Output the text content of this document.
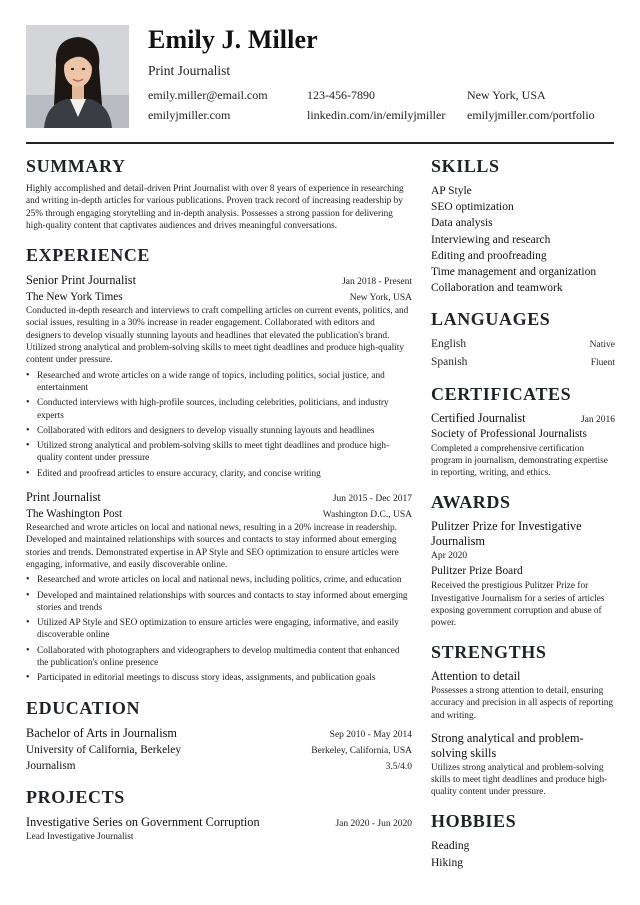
Emily J. Miller
Print Journalist
emily.miller@email.com	123-456-7890	New York, USA
emilyjmiller.com	linkedin.com/in/emilyjmiller emilyjmiller.com/portfolio
SUMMARY
Highly accomplished and detail-driven Print Journalist with over 8 years of experience in researching and writing in-depth articles for various publications. Proven track record of increasing readership by 25% through engaging storytelling and in-depth analysis. Possesses a strong passion for delivering high-quality content that captivates audiences and drives meaningful conversations.
EXPERIENCE
Senior Print Journalist	Jan 2018 - Present
The New York Times	New York, USA
Conducted in-depth research and interviews to craft compelling articles on current events, politics, and social issues, resulting in a 30% increase in reader engagement. Collaborated with editors and designers to develop visually stunning layouts and headlines that elevated the publication's brand. Utilized strong analytical and problem-solving skills to meet tight deadlines and produce high-quality content under pressure.
• Researched and wrote articles on a wide range of topics, including politics, social justice, and entertainment
• Conducted interviews with high-profile sources, including celebrities, politicians, and industry experts
• Collaborated with editors and designers to develop visually stunning layouts and headlines
• Utilized strong analytical and problem-solving skills to meet tight deadlines and produce high-quality content under pressure
• Edited and proofread articles to ensure accuracy, clarity, and concise writing
Print Journalist	Jun 2015 - Dec 2017
The Washington Post	Washington D.C., USA
Researched and wrote articles on local and national news, resulting in a 20% increase in readership. Developed and maintained relationships with sources and contacts to stay informed about emerging stories and trends. Demonstrated expertise in AP Style and SEO optimization to ensure articles were engaging, informative, and easily discoverable online.
• Researched and wrote articles on local and national news, including politics, crime, and education
• Developed and maintained relationships with sources and contacts to stay informed about emerging stories and trends
• Utilized AP Style and SEO optimization to ensure articles were engaging, informative, and easily discoverable online
• Collaborated with photographers and videographers to develop multimedia content that enhanced the publication's online presence
• Participated in editorial meetings to discuss story ideas, assignments, and publication goals
EDUCATION
Bachelor of Arts in Journalism	Sep 2010 - May 2014
University of California, Berkeley	Berkeley, California, USA
Journalism	3.5/4.0
PROJECTS
Investigative Series on Government Corruption	Jan 2020 - Jun 2020
Lead Investigative Journalist
SKILLS
AP Style
SEO optimization
Data analysis
Interviewing and research
Editing and proofreading
Time management and organization
Collaboration and teamwork
LANGUAGES
English	Native
Spanish	Fluent
CERTIFICATES
Certified Journalist	Jan 2016
Society of Professional Journalists
Completed a comprehensive certification program in journalism, demonstrating expertise in reporting, writing, and ethics.
AWARDS
Pulitzer Prize for Investigative Journalism
Apr 2020
Pulitzer Prize Board
Received the prestigious Pulitzer Prize for Investigative Journalism for a series of articles exposing government corruption and abuse of power.
STRENGTHS
Attention to detail
Possesses a strong attention to detail, ensuring accuracy and precision in all aspects of reporting and writing.
Strong analytical and problem-solving skills
Utilizes strong analytical and problem-solving skills to meet tight deadlines and produce high-quality content under pressure.
HOBBIES
Reading
Hiking
